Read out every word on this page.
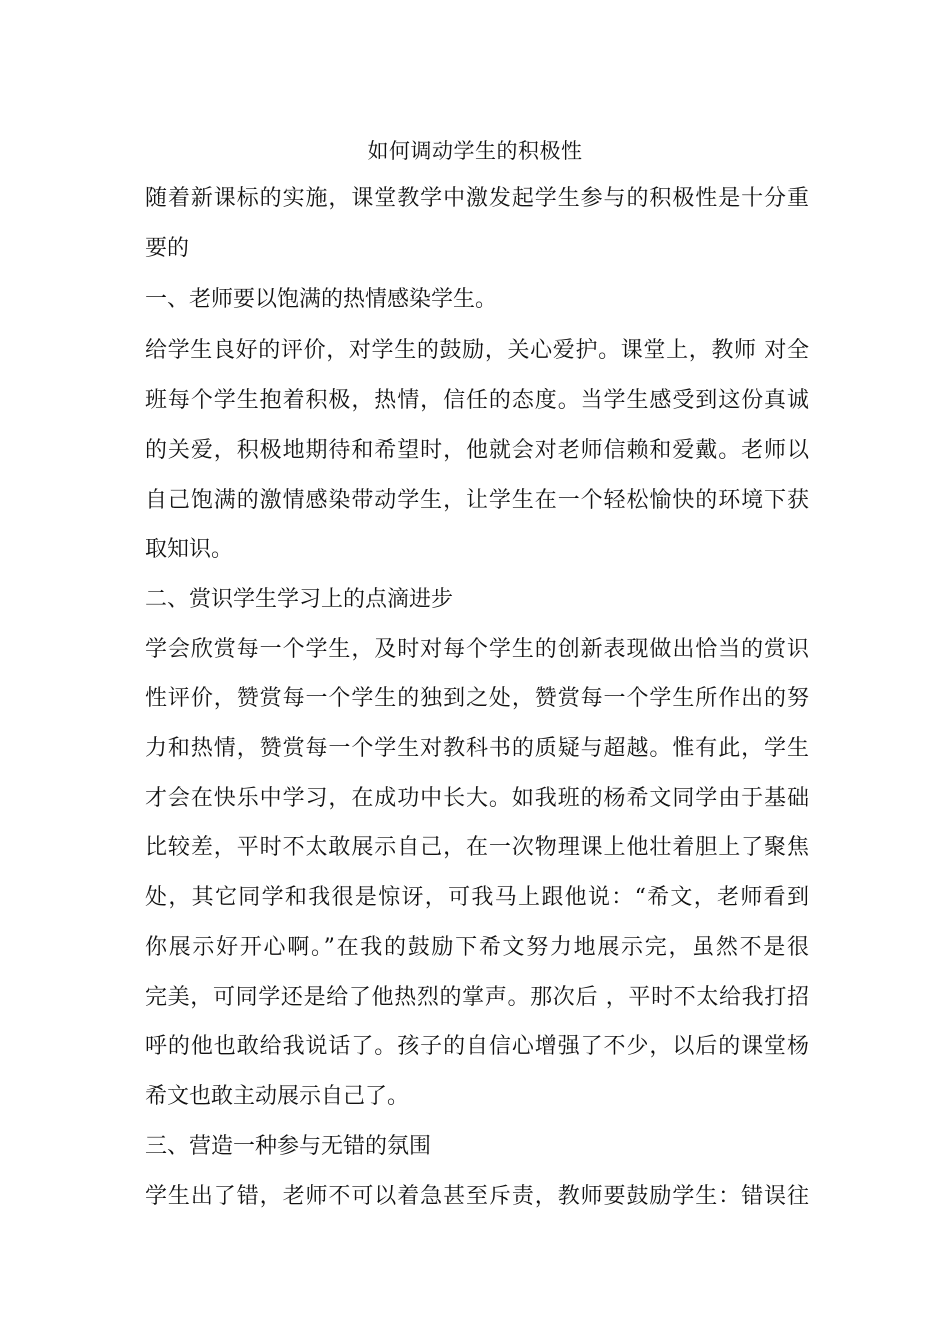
如何调动学生的积极性
随着新课标的实施，课堂教学中激发起学生参与的积极性是十分重
要的
一、老师要以饱满的热情感染学生。
给学生良好的评价，对学生的鼓励，关心爱护。课堂上，教师 对全
班每个学生抱着积极，热情，信任的态度。当学生感受到这份真诚
的关爱，积极地期待和希望时，他就会对老师信赖和爱戴。老师以
自己饱满的激情感染带动学生，让学生在一个轻松愉快的环境下获
取知识。
二、赏识学生学习上的点滴进步
学会欣赏每一个学生，及时对每个学生的创新表现做出恰当的赏识
性评价，赞赏每一个学生的独到之处，赞赏每一个学生所作出的努
力和热情，赞赏每一个学生对教科书的质疑与超越。惟有此，学生
才会在快乐中学习，在成功中长大。如我班的杨希文同学由于基础
比较差，平时不太敢展示自己，在一次物理课上他壮着胆上了聚焦
处，其它同学和我很是惊讶，可我马上跟他说：“希文，老师看到
你展示好开心啊。”在我的鼓励下希文努力地展示完，虽然不是很
完美，可同学还是给了他热烈的掌声。那次后 ，平时不太给我打招
呼的他也敢给我说话了。孩子的自信心增强了不少，以后的课堂杨
希文也敢主动展示自己了。
三、营造一种参与无错的氛围
学生出了错，老师不可以着急甚至斥责，教师要鼓励学生：错误往
